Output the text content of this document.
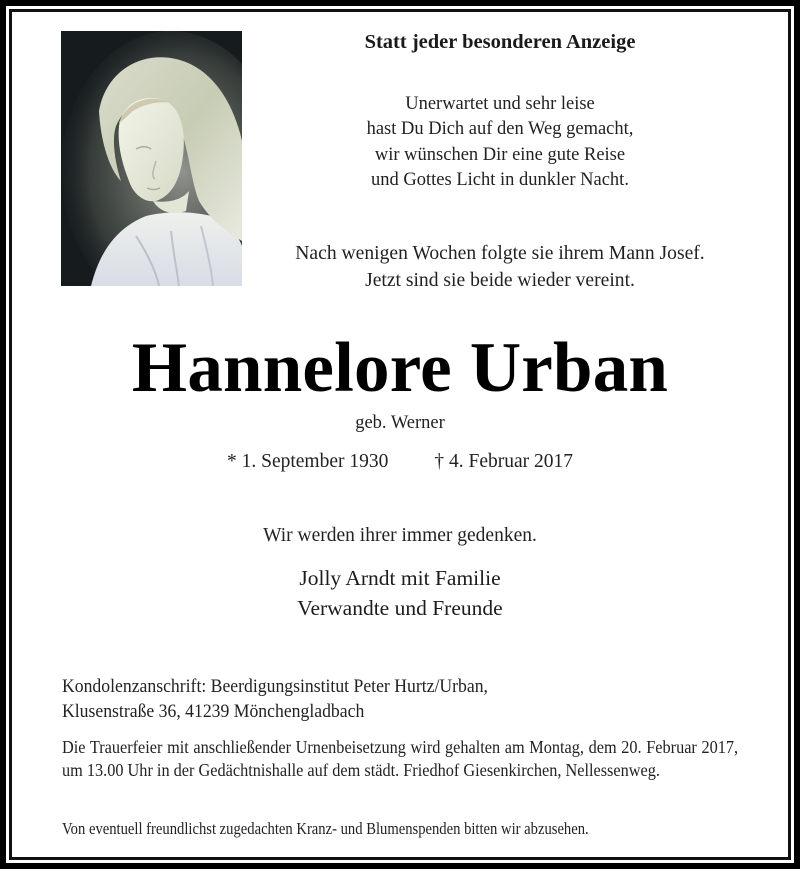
Statt jeder besonderen Anzeige
Unerwartet und sehr leise
hast Du Dich auf den Weg gemacht,
wir wünschen Dir eine gute Reise
und Gottes Licht in dunkler Nacht.
Nach wenigen Wochen folgte sie ihrem Mann Josef.
Jetzt sind sie beide wieder vereint.
Hannelore Urban
geb. Werner
* 1. September 1930 † 4. Februar 2017
Wir werden ihrer immer gedenken.
Jolly Arndt mit Familie
Verwandte und Freunde
Kondolenzanschrift: Beerdigungsinstitut Peter Hurtz/Urban,
Klusenstraße 36, 41239 Mönchengladbach
Die Trauerfeier mit anschließender Urnenbeisetzung wird gehalten am Montag, dem 20. Februar 2017, um 13.00 Uhr in der Gedächtnishalle auf dem städt. Friedhof Giesenkirchen, Nellessenweg.
Von eventuell freundlichst zugedachten Kranz- und Blumenspenden bitten wir abzusehen.
